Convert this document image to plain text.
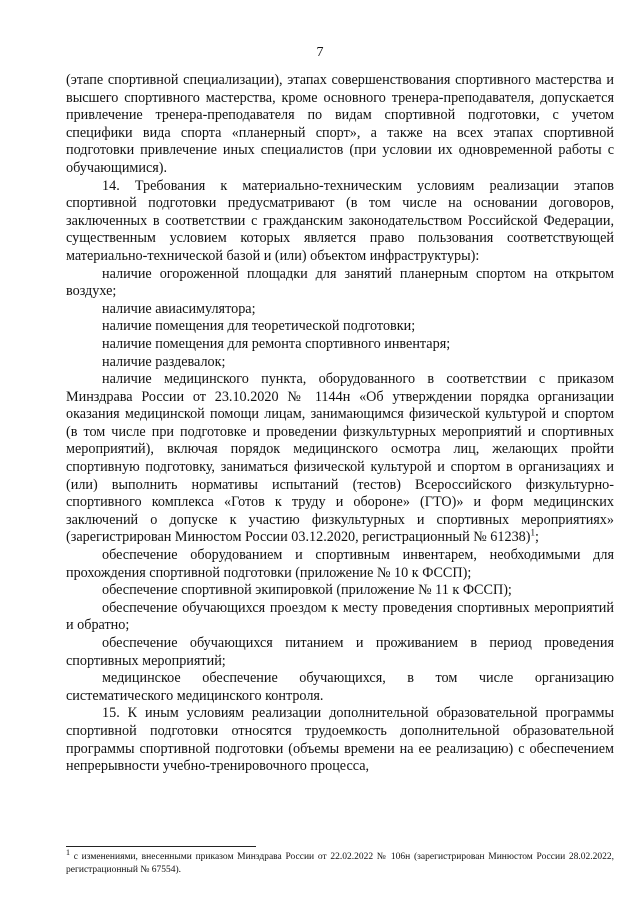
7

(этапе спортивной специализации), этапах совершенствования спортивного мастерства и высшего спортивного мастерства, кроме основного тренера-преподавателя, допускается привлечение тренера-преподавателя по видам спортивной подготовки, с учетом специфики вида спорта «планерный спорт», а также на всех этапах спортивной подготовки привлечение иных специалистов (при условии их одновременной работы с обучающимися).

14. Требования к материально-техническим условиям реализации этапов спортивной подготовки предусматривают (в том числе на основании договоров, заключенных в соответствии с гражданским законодательством Российской Федерации, существенным условием которых является право пользования соответствующей материально-технической базой и (или) объектом инфраструктуры):

наличие огороженной площадки для занятий планерным спортом на открытом воздухе;

наличие авиасимулятора;

наличие помещения для теоретической подготовки;

наличие помещения для ремонта спортивного инвентаря;

наличие раздевалок;

наличие медицинского пункта, оборудованного в соответствии с приказом Минздрава России от 23.10.2020 № 1144н «Об утверждении порядка организации оказания медицинской помощи лицам, занимающимся физической культурой и спортом (в том числе при подготовке и проведении физкультурных мероприятий и спортивных мероприятий), включая порядок медицинского осмотра лиц, желающих пройти спортивную подготовку, заниматься физической культурой и спортом в организациях и (или) выполнить нормативы испытаний (тестов) Всероссийского физкультурно-спортивного комплекса «Готов к труду и обороне» (ГТО)» и форм медицинских заключений о допуске к участию физкультурных и спортивных мероприятиях» (зарегистрирован Минюстом России 03.12.2020, регистрационный № 61238)$^1$;

обеспечение оборудованием и спортивным инвентарем, необходимыми для прохождения спортивной подготовки (приложение № 10 к ФССП);

обеспечение спортивной экипировкой (приложение № 11 к ФССП);

обеспечение обучающихся проездом к месту проведения спортивных мероприятий и обратно;

обеспечение обучающихся питанием и проживанием в период проведения спортивных мероприятий;

медицинское обеспечение обучающихся, в том числе организацию систематического медицинского контроля.

15. К иным условиям реализации дополнительной образовательной программы спортивной подготовки относятся трудоемкость дополнительной образовательной программы спортивной подготовки (объемы времени на ее реализацию) с обеспечением непрерывности учебно-тренировочного процесса,

$^1$ с изменениями, внесенными приказом Минздрава России от 22.02.2022 № 106н (зарегистрирован Минюстом России 28.02.2022, регистрационный № 67554).
